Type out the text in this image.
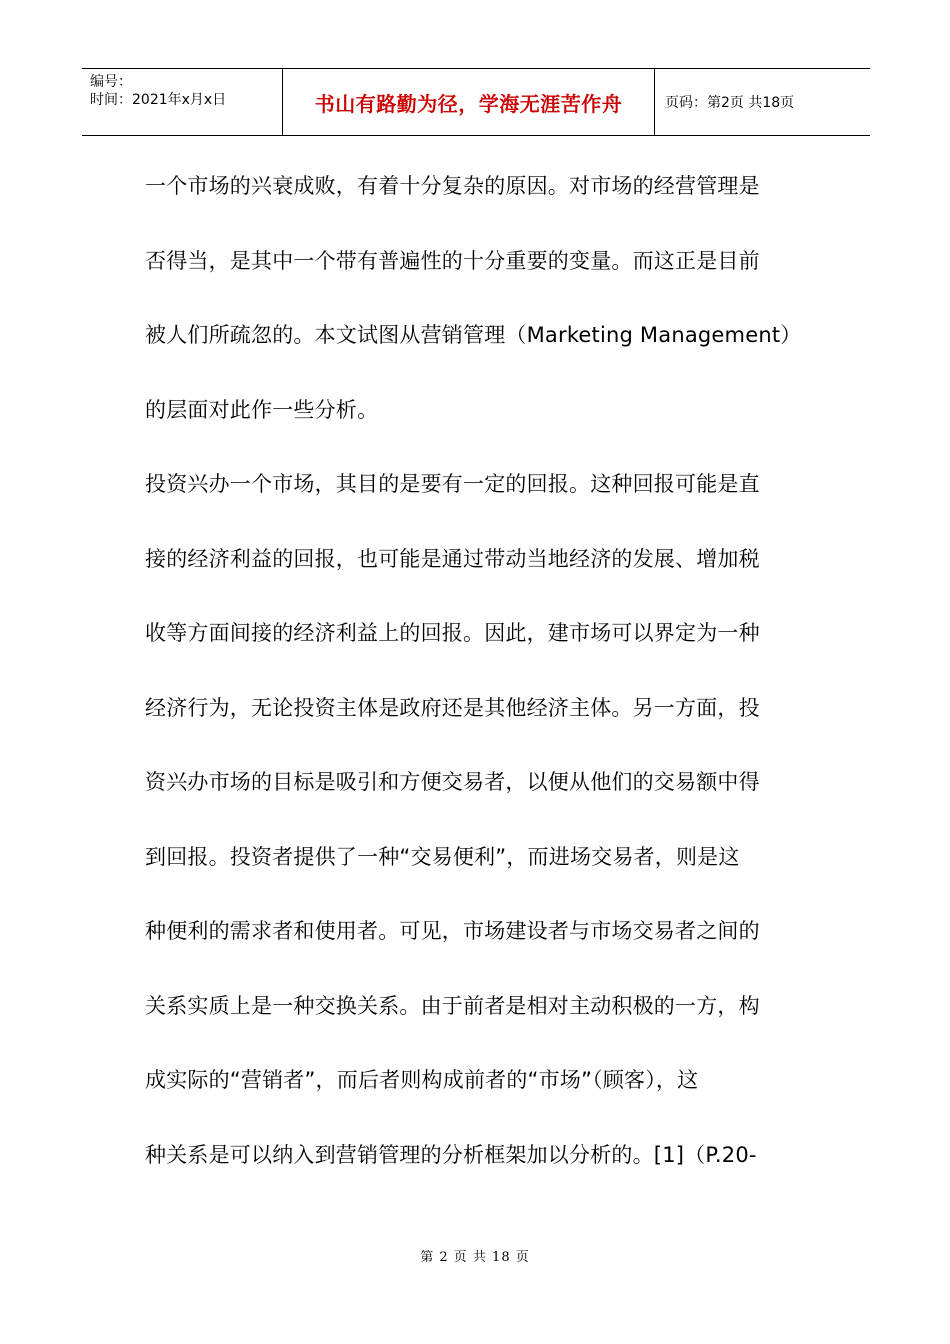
编号：
时间：2021年x月x日	书山有路勤为径，学海无涯苦作舟	页码：第2页 共18页
一个市场的兴衰成败，有着十分复杂的原因。对市场的经营管理是
否得当，是其中一个带有普遍性的十分重要的变量。而这正是目前
被人们所疏忽的。本文试图从营销管理（Marketing Management）
的层面对此作一些分析。
投资兴办一个市场，其目的是要有一定的回报。这种回报可能是直
接的经济利益的回报，也可能是通过带动当地经济的发展、增加税
收等方面间接的经济利益上的回报。因此，建市场可以界定为一种
经济行为，无论投资主体是政府还是其他经济主体。另一方面，投
资兴办市场的目标是吸引和方便交易者，以便从他们的交易额中得
到回报。投资者提供了一种“交易便利”，而进场交易者，则是这
种便利的需求者和使用者。可见，市场建设者与市场交易者之间的
关系实质上是一种交换关系。由于前者是相对主动积极的一方，构
成实际的“营销者”，而后者则构成前者的“市场”（顾客），这
种关系是可以纳入到营销管理的分析框架加以分析的。[1]（P.20-
第 2 页 共 18 页
